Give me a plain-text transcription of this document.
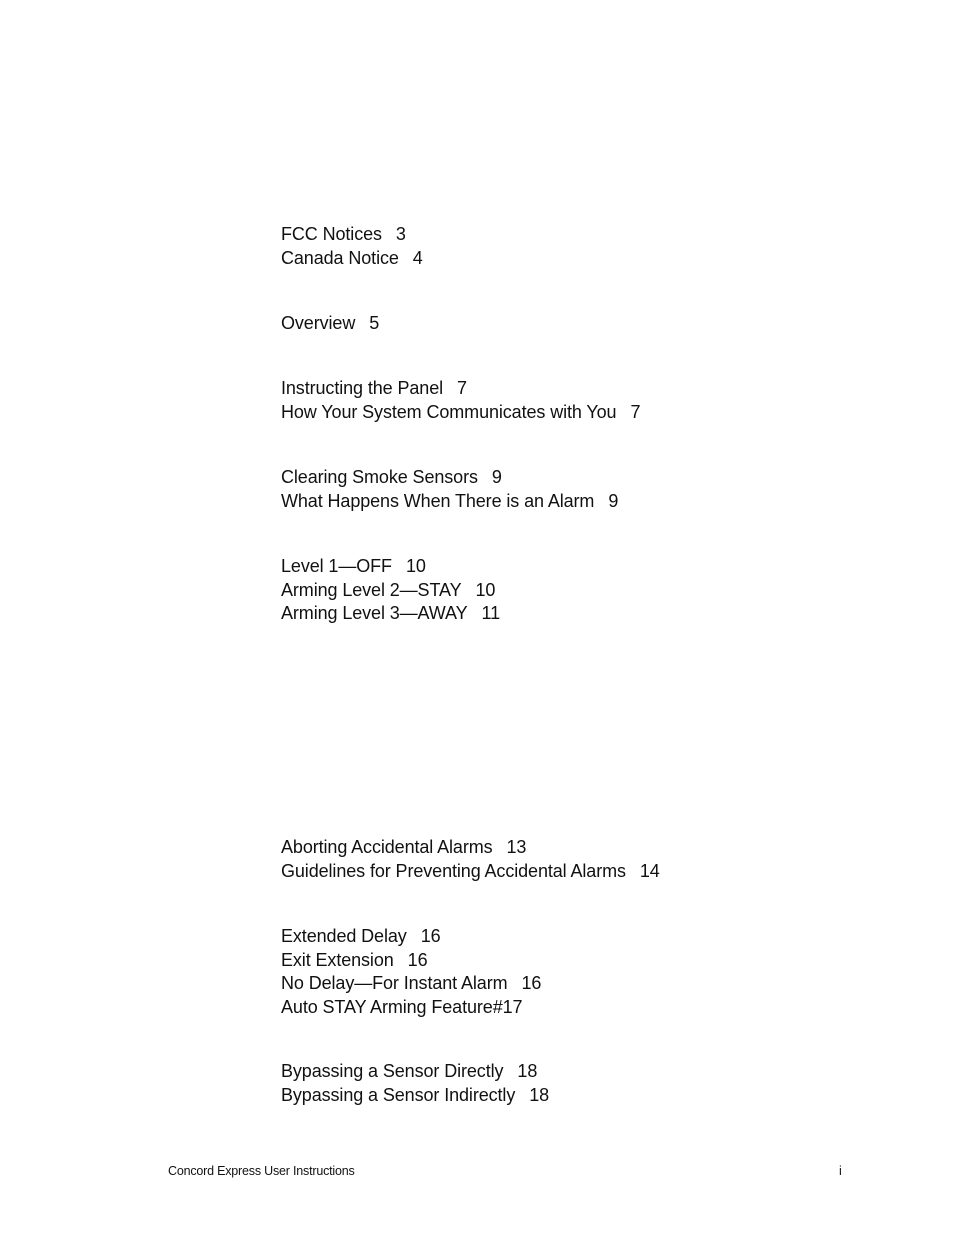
FCC Notices 3
Canada Notice 4
Overview 5
Instructing the Panel 7
How Your System Communicates with You 7
Clearing Smoke Sensors 9
What Happens When There is an Alarm 9
Level 1—OFF 10
Arming Level 2—STAY 10
Arming Level 3—AWAY 11
Aborting Accidental Alarms 13
Guidelines for Preventing Accidental Alarms 14
Extended Delay 16
Exit Extension 16
No Delay—For Instant Alarm 16
Auto STAY Arming Feature#17
Bypassing a Sensor Directly 18
Bypassing a Sensor Indirectly 18
Concord Express User Instructions	i
